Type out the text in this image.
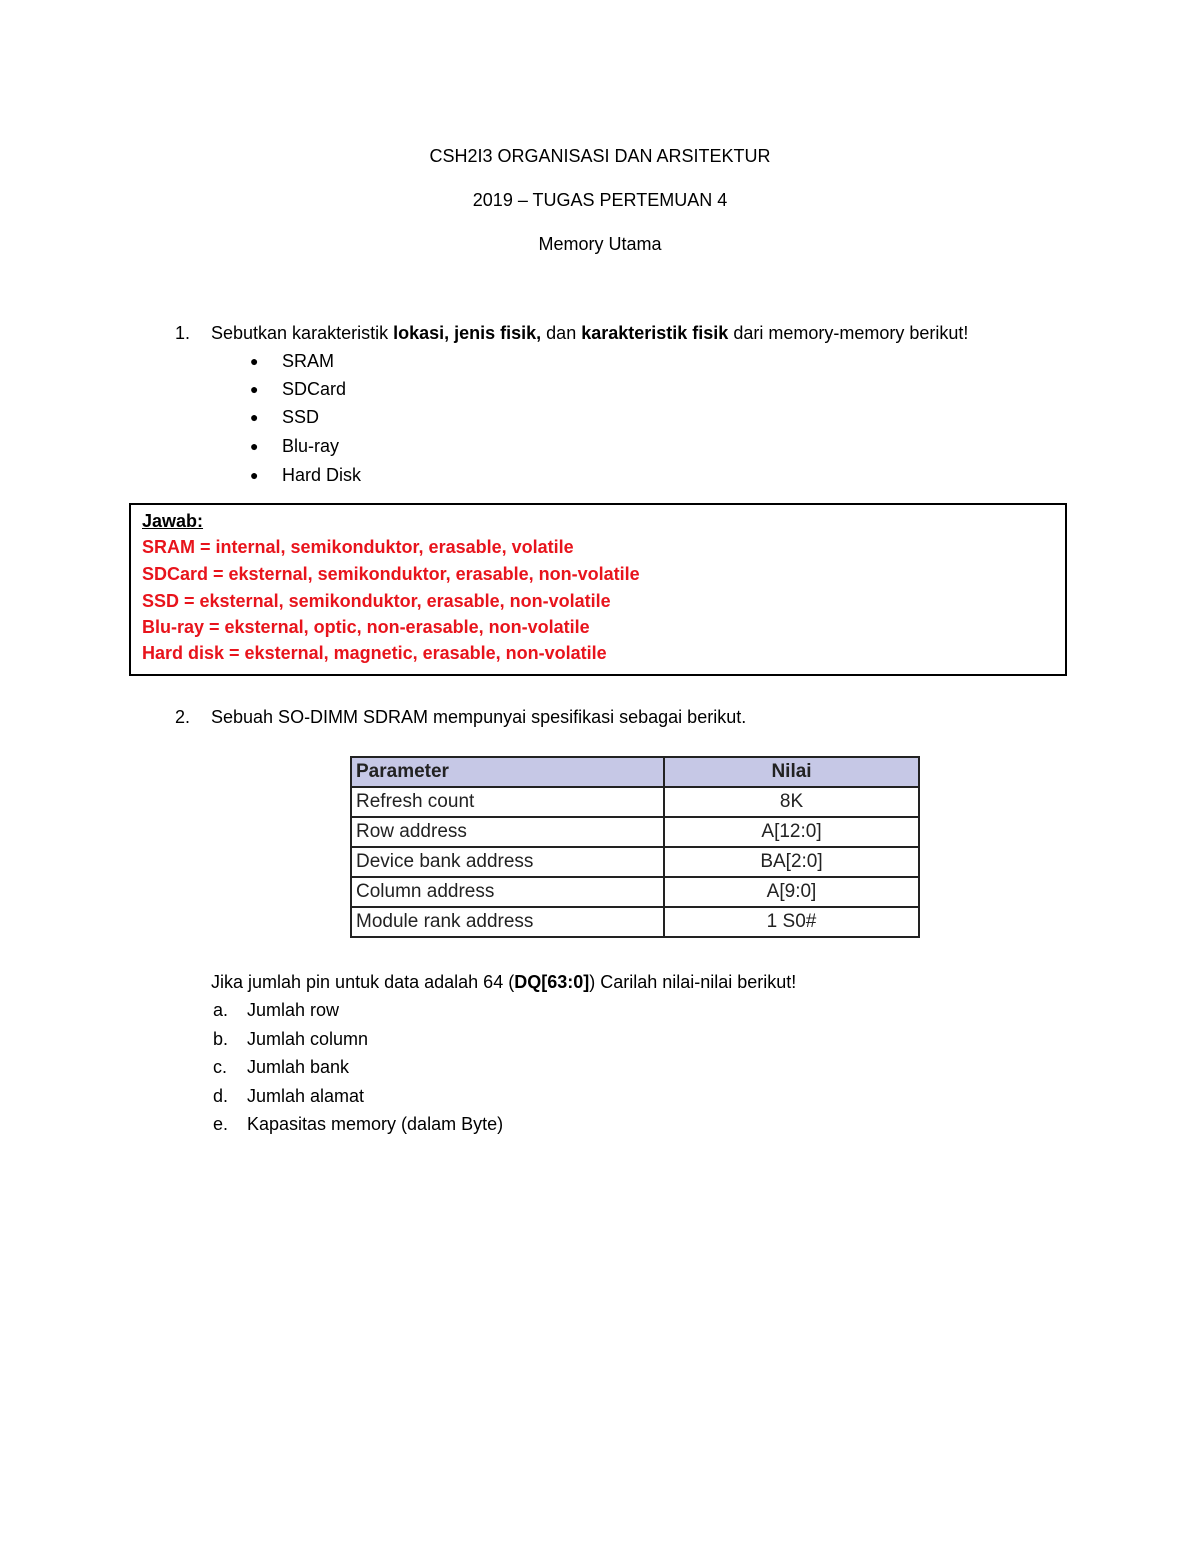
CSH2I3 ORGANISASI DAN ARSITEKTUR
2019 – TUGAS PERTEMUAN 4
Memory Utama
1. Sebutkan karakteristik lokasi, jenis fisik, dan karakteristik fisik dari memory-memory berikut!
● SRAM
● SDCard
● SSD
● Blu-ray
● Hard Disk
Jawab:
SRAM = internal, semikonduktor, erasable, volatile
SDCard = eksternal, semikonduktor, erasable, non-volatile
SSD = eksternal, semikonduktor, erasable, non-volatile
Blu-ray = eksternal, optic, non-erasable, non-volatile
Hard disk = eksternal, magnetic, erasable, non-volatile
2. Sebuah SO-DIMM SDRAM mempunyai spesifikasi sebagai berikut.
Parameter	Nilai
Refresh count	8K
Row address	A[12:0]
Device bank address	BA[2:0]
Column address	A[9:0]
Module rank address	1 S0#
Jika jumlah pin untuk data adalah 64 (DQ[63:0]) Carilah nilai-nilai berikut!
a. Jumlah row
b. Jumlah column
c. Jumlah bank
d. Jumlah alamat
e. Kapasitas memory (dalam Byte)
